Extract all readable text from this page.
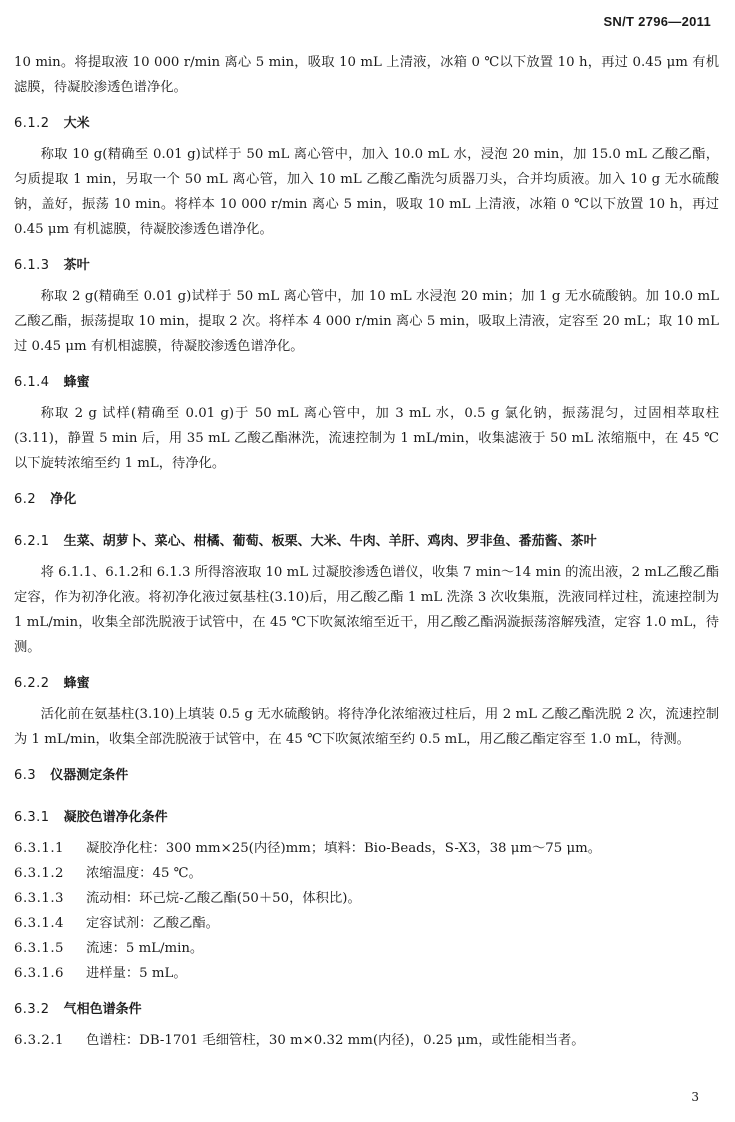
SN/T 2796—2011

10 min。将提取液 10 000 r/min 离心 5 min，吸取 10 mL 上清液，冰箱 0 ℃以下放置 10 h，再过 0.45 μm 有机滤膜，待凝胶渗透色谱净化。

6.1.2 大米

称取 10 g(精确至 0.01 g)试样于 50 mL 离心管中，加入 10.0 mL 水，浸泡 20 min，加 15.0 mL 乙酸乙酯，匀质提取 1 min，另取一个 50 mL 离心管，加入 10 mL 乙酸乙酯洗匀质器刀头，合并均质液。加入 10 g 无水硫酸钠，盖好，振荡 10 min。将样本 10 000 r/min 离心 5 min，吸取 10 mL 上清液，冰箱 0 ℃以下放置 10 h，再过 0.45 μm 有机滤膜，待凝胶渗透色谱净化。

6.1.3 茶叶

称取 2 g(精确至 0.01 g)试样于 50 mL 离心管中，加 10 mL 水浸泡 20 min；加 1 g 无水硫酸钠。加 10.0 mL 乙酸乙酯，振荡提取 10 min，提取 2 次。将样本 4 000 r/min 离心 5 min，吸取上清液，定容至 20 mL；取 10 mL 过 0.45 μm 有机相滤膜，待凝胶渗透色谱净化。

6.1.4 蜂蜜

称取 2 g 试样(精确至 0.01 g)于 50 mL 离心管中，加 3 mL 水，0.5 g 氯化钠，振荡混匀，过固相萃取柱(3.11)，静置 5 min 后，用 35 mL 乙酸乙酯淋洗，流速控制为 1 mL/min，收集滤液于 50 mL 浓缩瓶中，在 45 ℃以下旋转浓缩至约 1 mL，待净化。

6.2 净化
6.2.1 生菜、胡萝卜、菜心、柑橘、葡萄、板栗、大米、牛肉、羊肝、鸡肉、罗非鱼、番茄酱、茶叶

将 6.1.1、6.1.2和 6.1.3 所得溶液取 10 mL 过凝胶渗透色谱仪，收集 7 min～14 min 的流出液，2 mL乙酸乙酯定容，作为初净化液。将初净化液过氨基柱(3.10)后，用乙酸乙酯 1 mL 洗涤 3 次收集瓶，洗液同样过柱，流速控制为 1 mL/min，收集全部洗脱液于试管中，在 45 ℃下吹氮浓缩至近干，用乙酸乙酯涡漩振荡溶解残渣，定容 1.0 mL，待测。

6.2.2 蜂蜜

活化前在氨基柱(3.10)上填装 0.5 g 无水硫酸钠。将待净化浓缩液过柱后，用 2 mL 乙酸乙酯洗脱 2 次，流速控制为 1 mL/min，收集全部洗脱液于试管中，在 45 ℃下吹氮浓缩至约 0.5 mL，用乙酸乙酯定容至 1.0 mL，待测。

6.3 仪器测定条件
6.3.1 凝胶色谱净化条件
6.3.1.1 凝胶净化柱：300 mm×25(内径)mm；填料：Bio-Beads，S-X3，38 μm～75 μm。
6.3.1.2 浓缩温度：45 ℃。
6.3.1.3 流动相：环己烷-乙酸乙酯(50＋50，体积比)。
6.3.1.4 定容试剂：乙酸乙酯。
6.3.1.5 流速：5 mL/min。
6.3.1.6 进样量：5 mL。
6.3.2 气相色谱条件
6.3.2.1 色谱柱：DB-1701 毛细管柱，30 m×0.32 mm(内径)，0.25 μm，或性能相当者。
3
